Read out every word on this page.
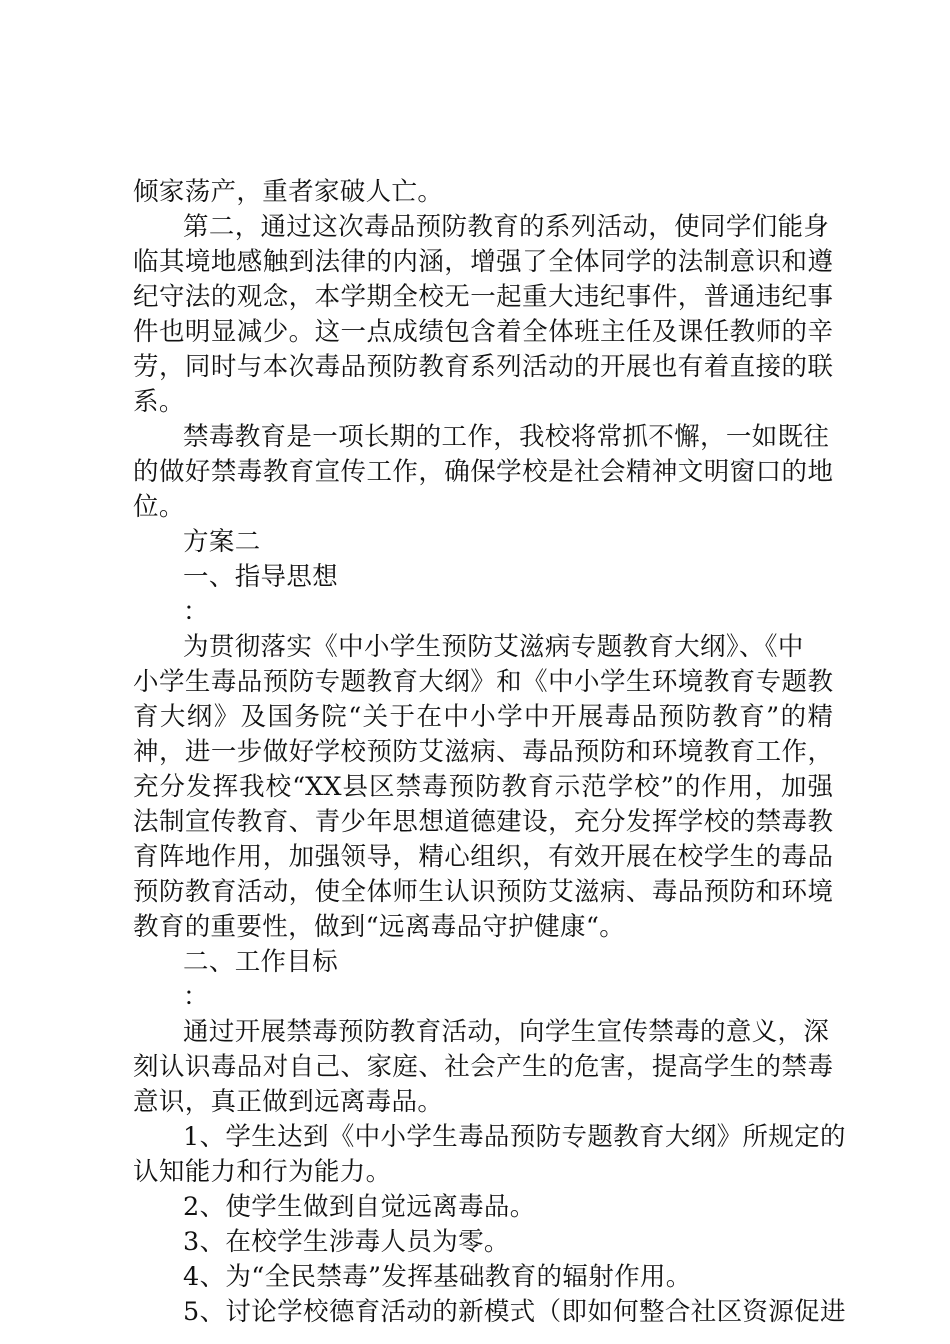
倾家荡产，重者家破人亡。
第二，通过这次毒品预防教育的系列活动，使同学们能身
临其境地感触到法律的内涵，增强了全体同学的法制意识和遵
纪守法的观念，本学期全校无一起重大违纪事件，普通违纪事
件也明显减少。这一点成绩包含着全体班主任及课任教师的辛
劳，同时与本次毒品预防教育系列活动的开展也有着直接的联
系。
禁毒教育是一项长期的工作，我校将常抓不懈，一如既往
的做好禁毒教育宣传工作，确保学校是社会精神文明窗口的地
位。
方案二
一、指导思想
：
为贯彻落实《中小学生预防艾滋病专题教育大纲》、《中
小学生毒品预防专题教育大纲》和《中小学生环境教育专题教
育大纲》及国务院“关于在中小学中开展毒品预防教育”的精
神，进一步做好学校预防艾滋病、毒品预防和环境教育工作，
充分发挥我校“XX县区禁毒预防教育示范学校”的作用，加强
法制宣传教育、青少年思想道德建设，充分发挥学校的禁毒教
育阵地作用，加强领导，精心组织，有效开展在校学生的毒品
预防教育活动，使全体师生认识预防艾滋病、毒品预防和环境
教育的重要性，做到“远离毒品守护健康“。
二、工作目标
：
通过开展禁毒预防教育活动，向学生宣传禁毒的意义，深
刻认识毒品对自己、家庭、社会产生的危害，提高学生的禁毒
意识，真正做到远离毒品。
1、学生达到《中小学生毒品预防专题教育大纲》所规定的
认知能力和行为能力。
2、使学生做到自觉远离毒品。
3、在校学生涉毒人员为零。
4、为“全民禁毒”发挥基础教育的辐射作用。
5、讨论学校德育活动的新模式（即如何整合社区资源促进
